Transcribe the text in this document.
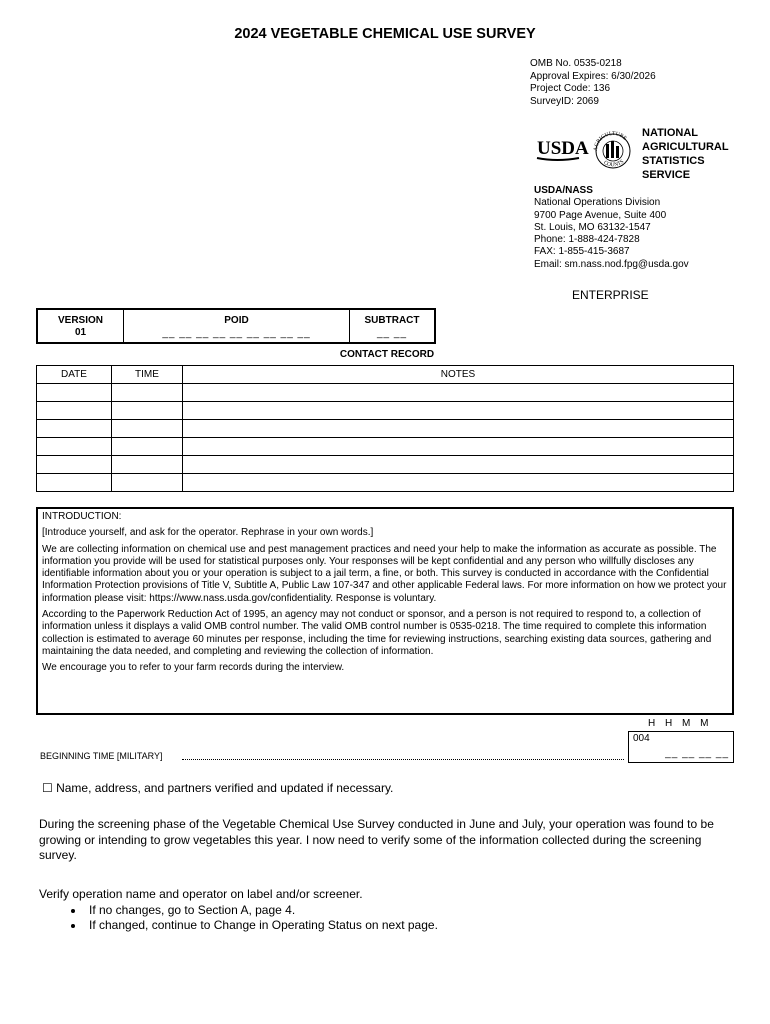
2024 VEGETABLE CHEMICAL USE SURVEY
OMB No. 0535-0218
Approval Expires: 6/30/2026
Project Code: 136
SurveyID: 2069
USDA AGRICULTURE
COUNTS
NATIONAL
AGRICULTURAL
STATISTICS
SERVICE
USDA/NASS
National Operations Division
9700 Page Avenue, Suite 400
St. Louis, MO 63132-1547
Phone: 1-888-424-7828
FAX: 1-855-415-3687
Email: sm.nass.nod.fpg@usda.gov
ENTERPRISE
VERSION
01
POID
__ __ __ __ __ __ __ __ __
SUBTRACT
__ __
CONTACT RECORD
DATE	TIME	NOTES

INTRODUCTION:

[Introduce yourself, and ask for the operator. Rephrase in your own words.]

We are collecting information on chemical use and pest management practices and need your help to make the information as accurate as possible. The information you provide will be used for statistical purposes only. Your responses will be kept confidential and any person who willfully discloses any identifiable information about you or your operation is subject to a jail term, a fine, or both. This survey is conducted in accordance with the Confidential Information Protection provisions of Title V, Subtitle A, Public Law 107-347 and other applicable Federal laws. For more information on how we protect your information please visit: https://www.nass.usda.gov/confidentiality. Response is voluntary.

According to the Paperwork Reduction Act of 1995, an agency may not conduct or sponsor, and a person is not required to respond to, a collection of information unless it displays a valid OMB control number. The valid OMB control number is 0535-0218. The time required to complete this information collection is estimated to average 60 minutes per response, including the time for reviewing instructions, searching existing data sources, gathering and maintaining the data needed, and completing and reviewing the collection of information.

We encourage you to refer to your farm records during the interview.

H H M M
BEGINNING TIME [MILITARY]
004
__ __ __ __
☐ Name, address, and partners verified and updated if necessary.
During the screening phase of the Vegetable Chemical Use Survey conducted in June and July, your operation was found to be growing or intending to grow vegetables this year. I now need to verify some of the information collected during the screening survey.
Verify operation name and operator on label and/or screener.
• If no changes, go to Section A, page 4.
• If changed, continue to Change in Operating Status on next page.
